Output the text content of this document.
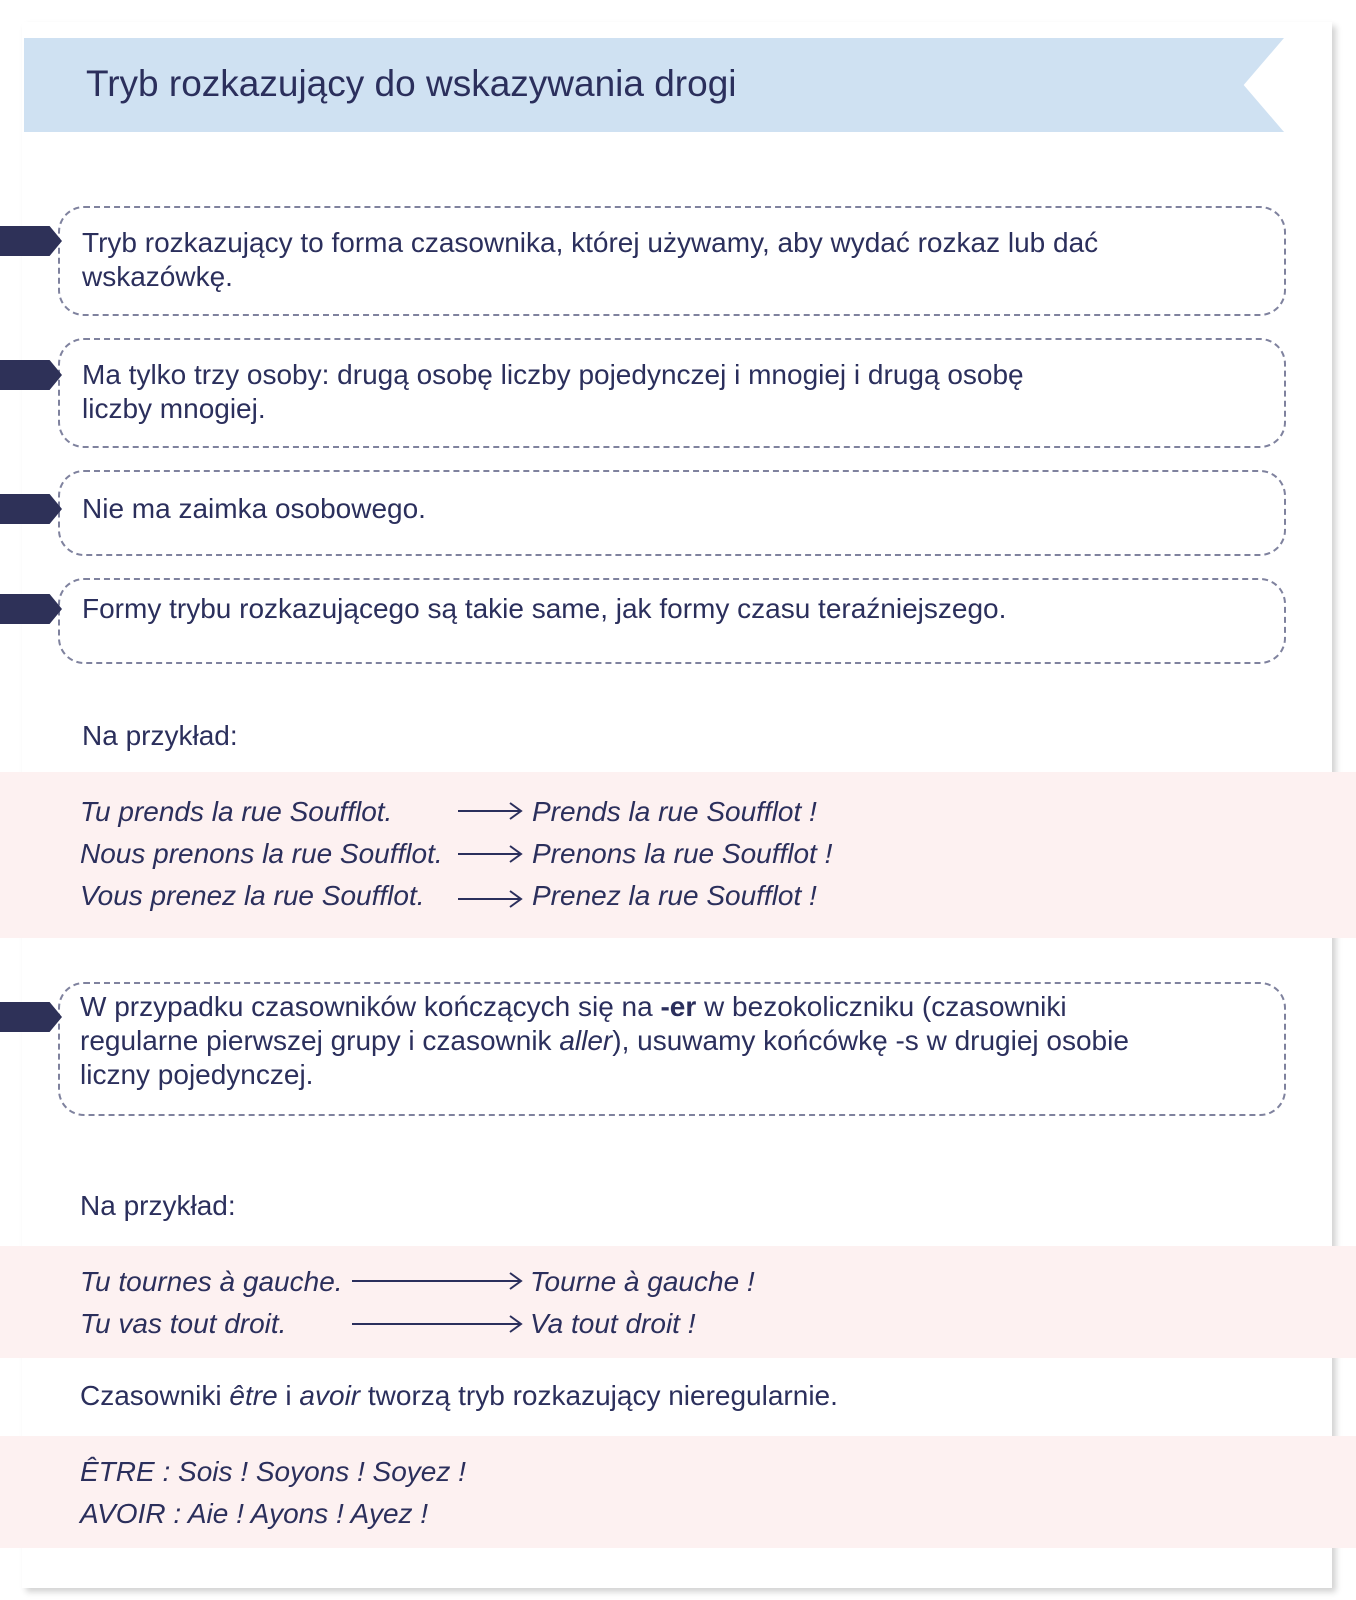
Tryb rozkazujący do wskazywania drogi

Tryb rozkazujący to forma czasownika, której używamy, aby wydać rozkaz lub dać
wskazówkę.

Ma tylko trzy osoby: drugą osobę liczby pojedynczej i mnogiej i drugą osobę
liczby mnogiej.

Nie ma zaimka osobowego.

Formy trybu rozkazującego są takie same, jak formy czasu teraźniejszego.

Na przykład:

Tu prends la rue Soufflot.
Nous prenons la rue Soufflot.
Vous prenez la rue Soufflot.
Prends la rue Soufflot !
Prenons la rue Soufflot !
Prenez la rue Soufflot !

W przypadku czasowników kończących się na -er w bezokoliczniku (czasowniki
regularne pierwszej grupy i czasownik aller), usuwamy końcówkę -s w drugiej osobie
liczny pojedynczej.

Na przykład:

Tu tournes à gauche.
Tu vas tout droit.
Tourne à gauche !
Va tout droit !

Czasowniki être i avoir tworzą tryb rozkazujący nieregularnie.

ÊTRE : Sois ! Soyons ! Soyez !
AVOIR : Aie ! Ayons ! Ayez !
